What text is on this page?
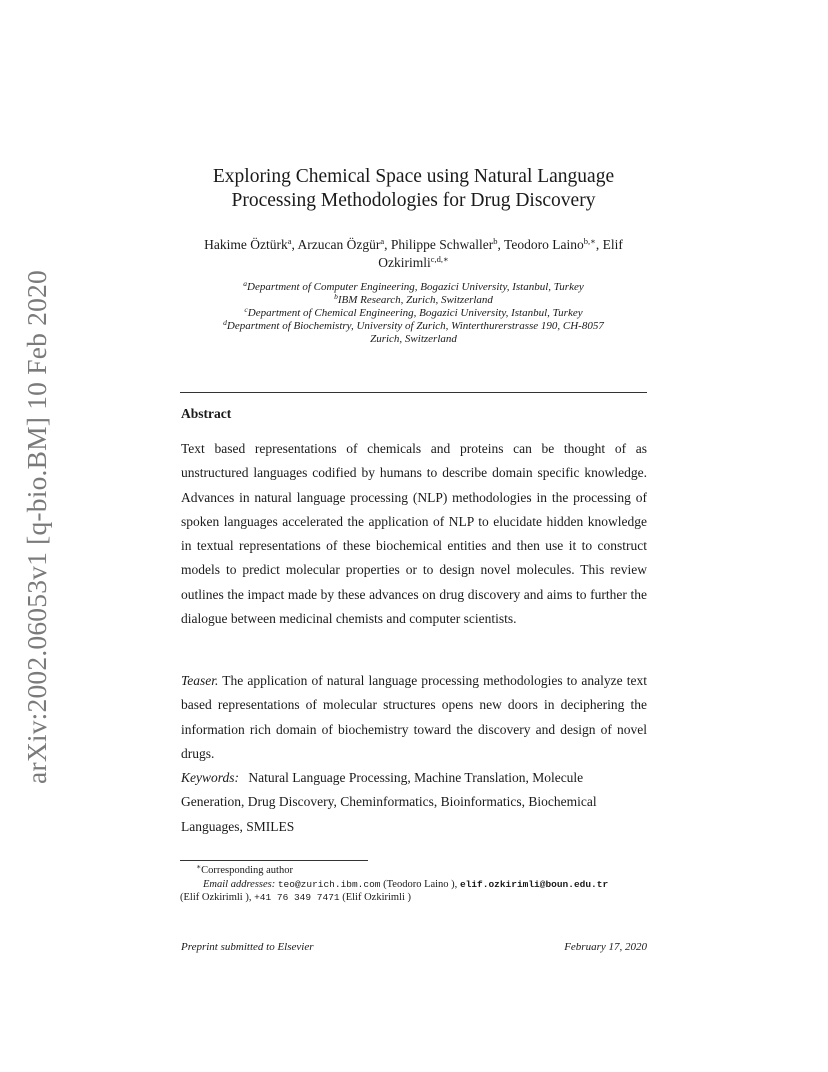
arXiv:2002.06053v1 [q-bio.BM] 10 Feb 2020
Exploring Chemical Space using Natural Language
Processing Methodologies for Drug Discovery
Hakime Öztürk$^a$, Arzucan Özgür$^a$, Philippe Schwaller$^b$, Teodoro Laino$^{b,∗}$, Elif Ozkirimli$^{c,d,∗}$
$^a$Department of Computer Engineering, Bogazici University, Istanbul, Turkey
$^b$IBM Research, Zurich, Switzerland
$^c$Department of Chemical Engineering, Bogazici University, Istanbul, Turkey
$^d$Department of Biochemistry, University of Zurich, Winterthurerstrasse 190, CH-8057
Zurich, Switzerland
Abstract
Text based representations of chemicals and proteins can be thought of as unstructured languages codified by humans to describe domain specific knowledge. Advances in natural language processing (NLP) methodologies in the processing of spoken languages accelerated the application of NLP to elucidate hidden knowledge in textual representations of these biochemical entities and then use it to construct models to predict molecular properties or to design novel molecules. This review outlines the impact made by these advances on drug discovery and aims to further the dialogue between medicinal chemists and computer scientists.
Teaser. The application of natural language processing methodologies to analyze text based representations of molecular structures opens new doors in deciphering the information rich domain of biochemistry toward the discovery and design of novel drugs.
Keywords: Natural Language Processing, Machine Translation, Molecule Generation, Drug Discovery, Cheminformatics, Bioinformatics, Biochemical Languages, SMILES
∗Corresponding author
Email addresses: teo@zurich.ibm.com (Teodoro Laino ), elif.ozkirimli@boun.edu.tr
(Elif Ozkirimli ), +41 76 349 7471 (Elif Ozkirimli )
Preprint submitted to Elsevier	February 17, 2020
